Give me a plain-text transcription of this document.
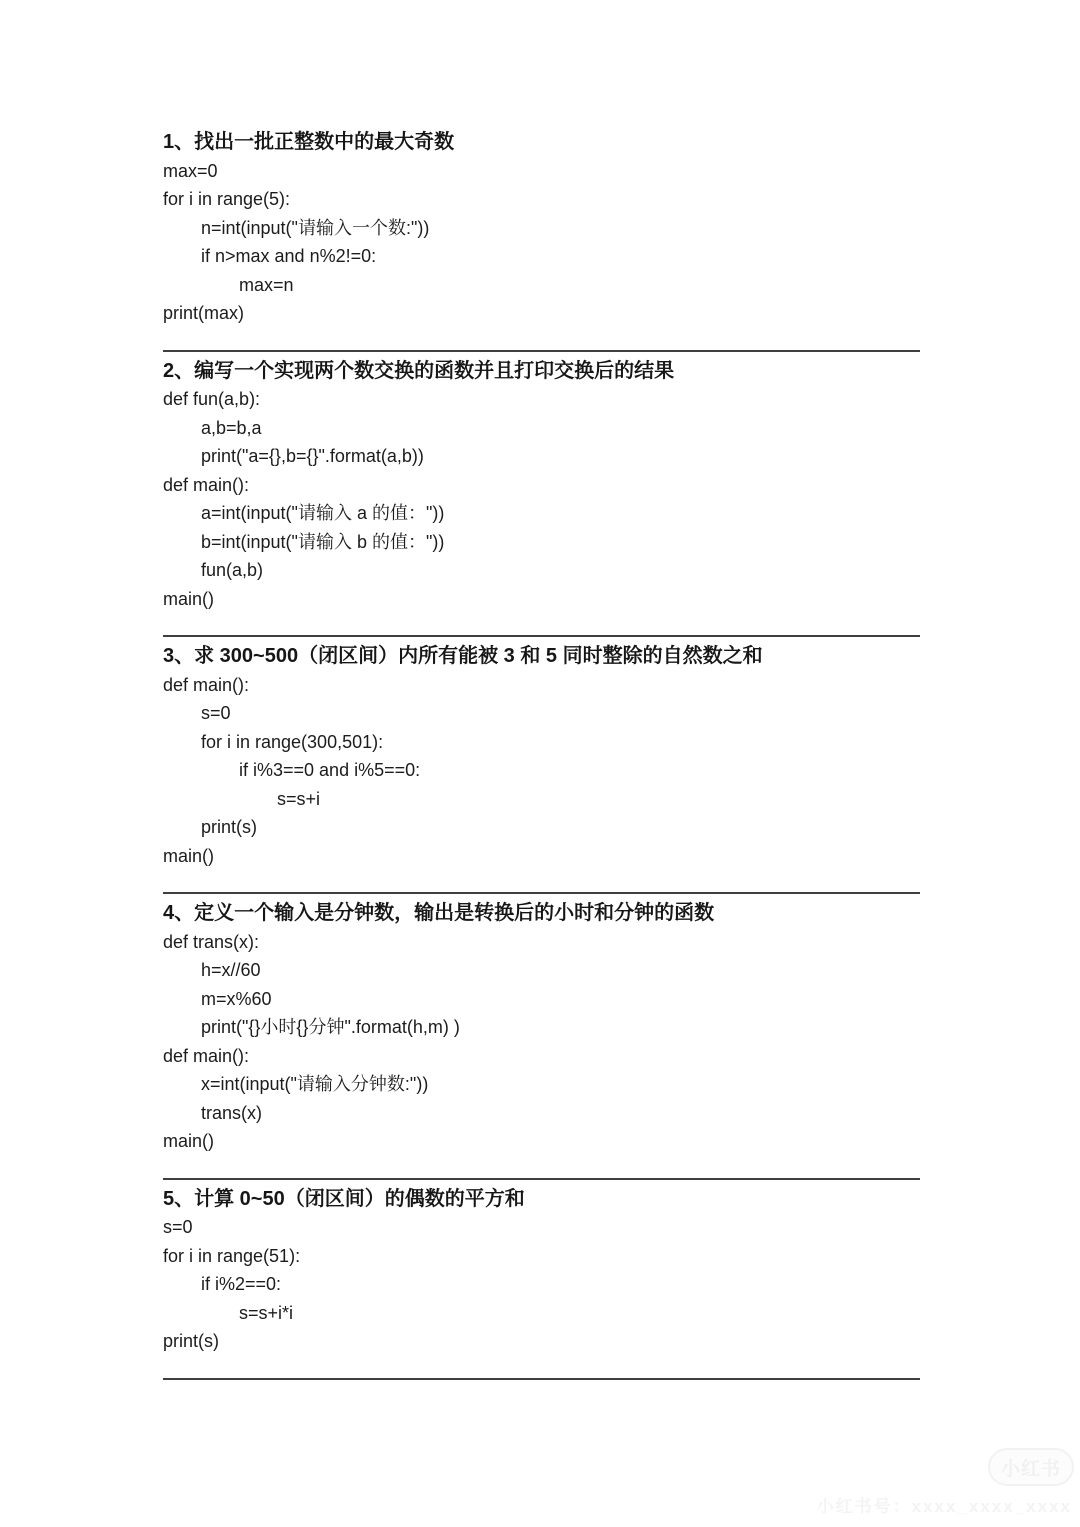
1、找出一批正整数中的最大奇数
max=0
for i in range(5):
n=int(input("请输入一个数:"))
if n>max and n%2!=0:
max=n
print(max)
2、编写一个实现两个数交换的函数并且打印交换后的结果
def fun(a,b):
a,b=b,a
print("a={},b={}".format(a,b))
def main():
a=int(input("请输入 a 的值："))
b=int(input("请输入 b 的值："))
fun(a,b)
main()
3、求 300~500（闭区间）内所有能被 3 和 5 同时整除的自然数之和
def main():
s=0
for i in range(300,501):
if i%3==0 and i%5==0:
s=s+i
print(s)
main()
4、定义一个输入是分钟数，输出是转换后的小时和分钟的函数
def trans(x):
h=x//60
m=x%60
print("{}小时{}分钟".format(h,m) )
def main():
x=int(input("请输入分钟数:"))
trans(x)
main()
5、计算 0~50（闭区间）的偶数的平方和
s=0
for i in range(51):
if i%2==0:
s=s+i*i
print(s)
小红书
小红书号：xxxx_xxxx_xxxx
